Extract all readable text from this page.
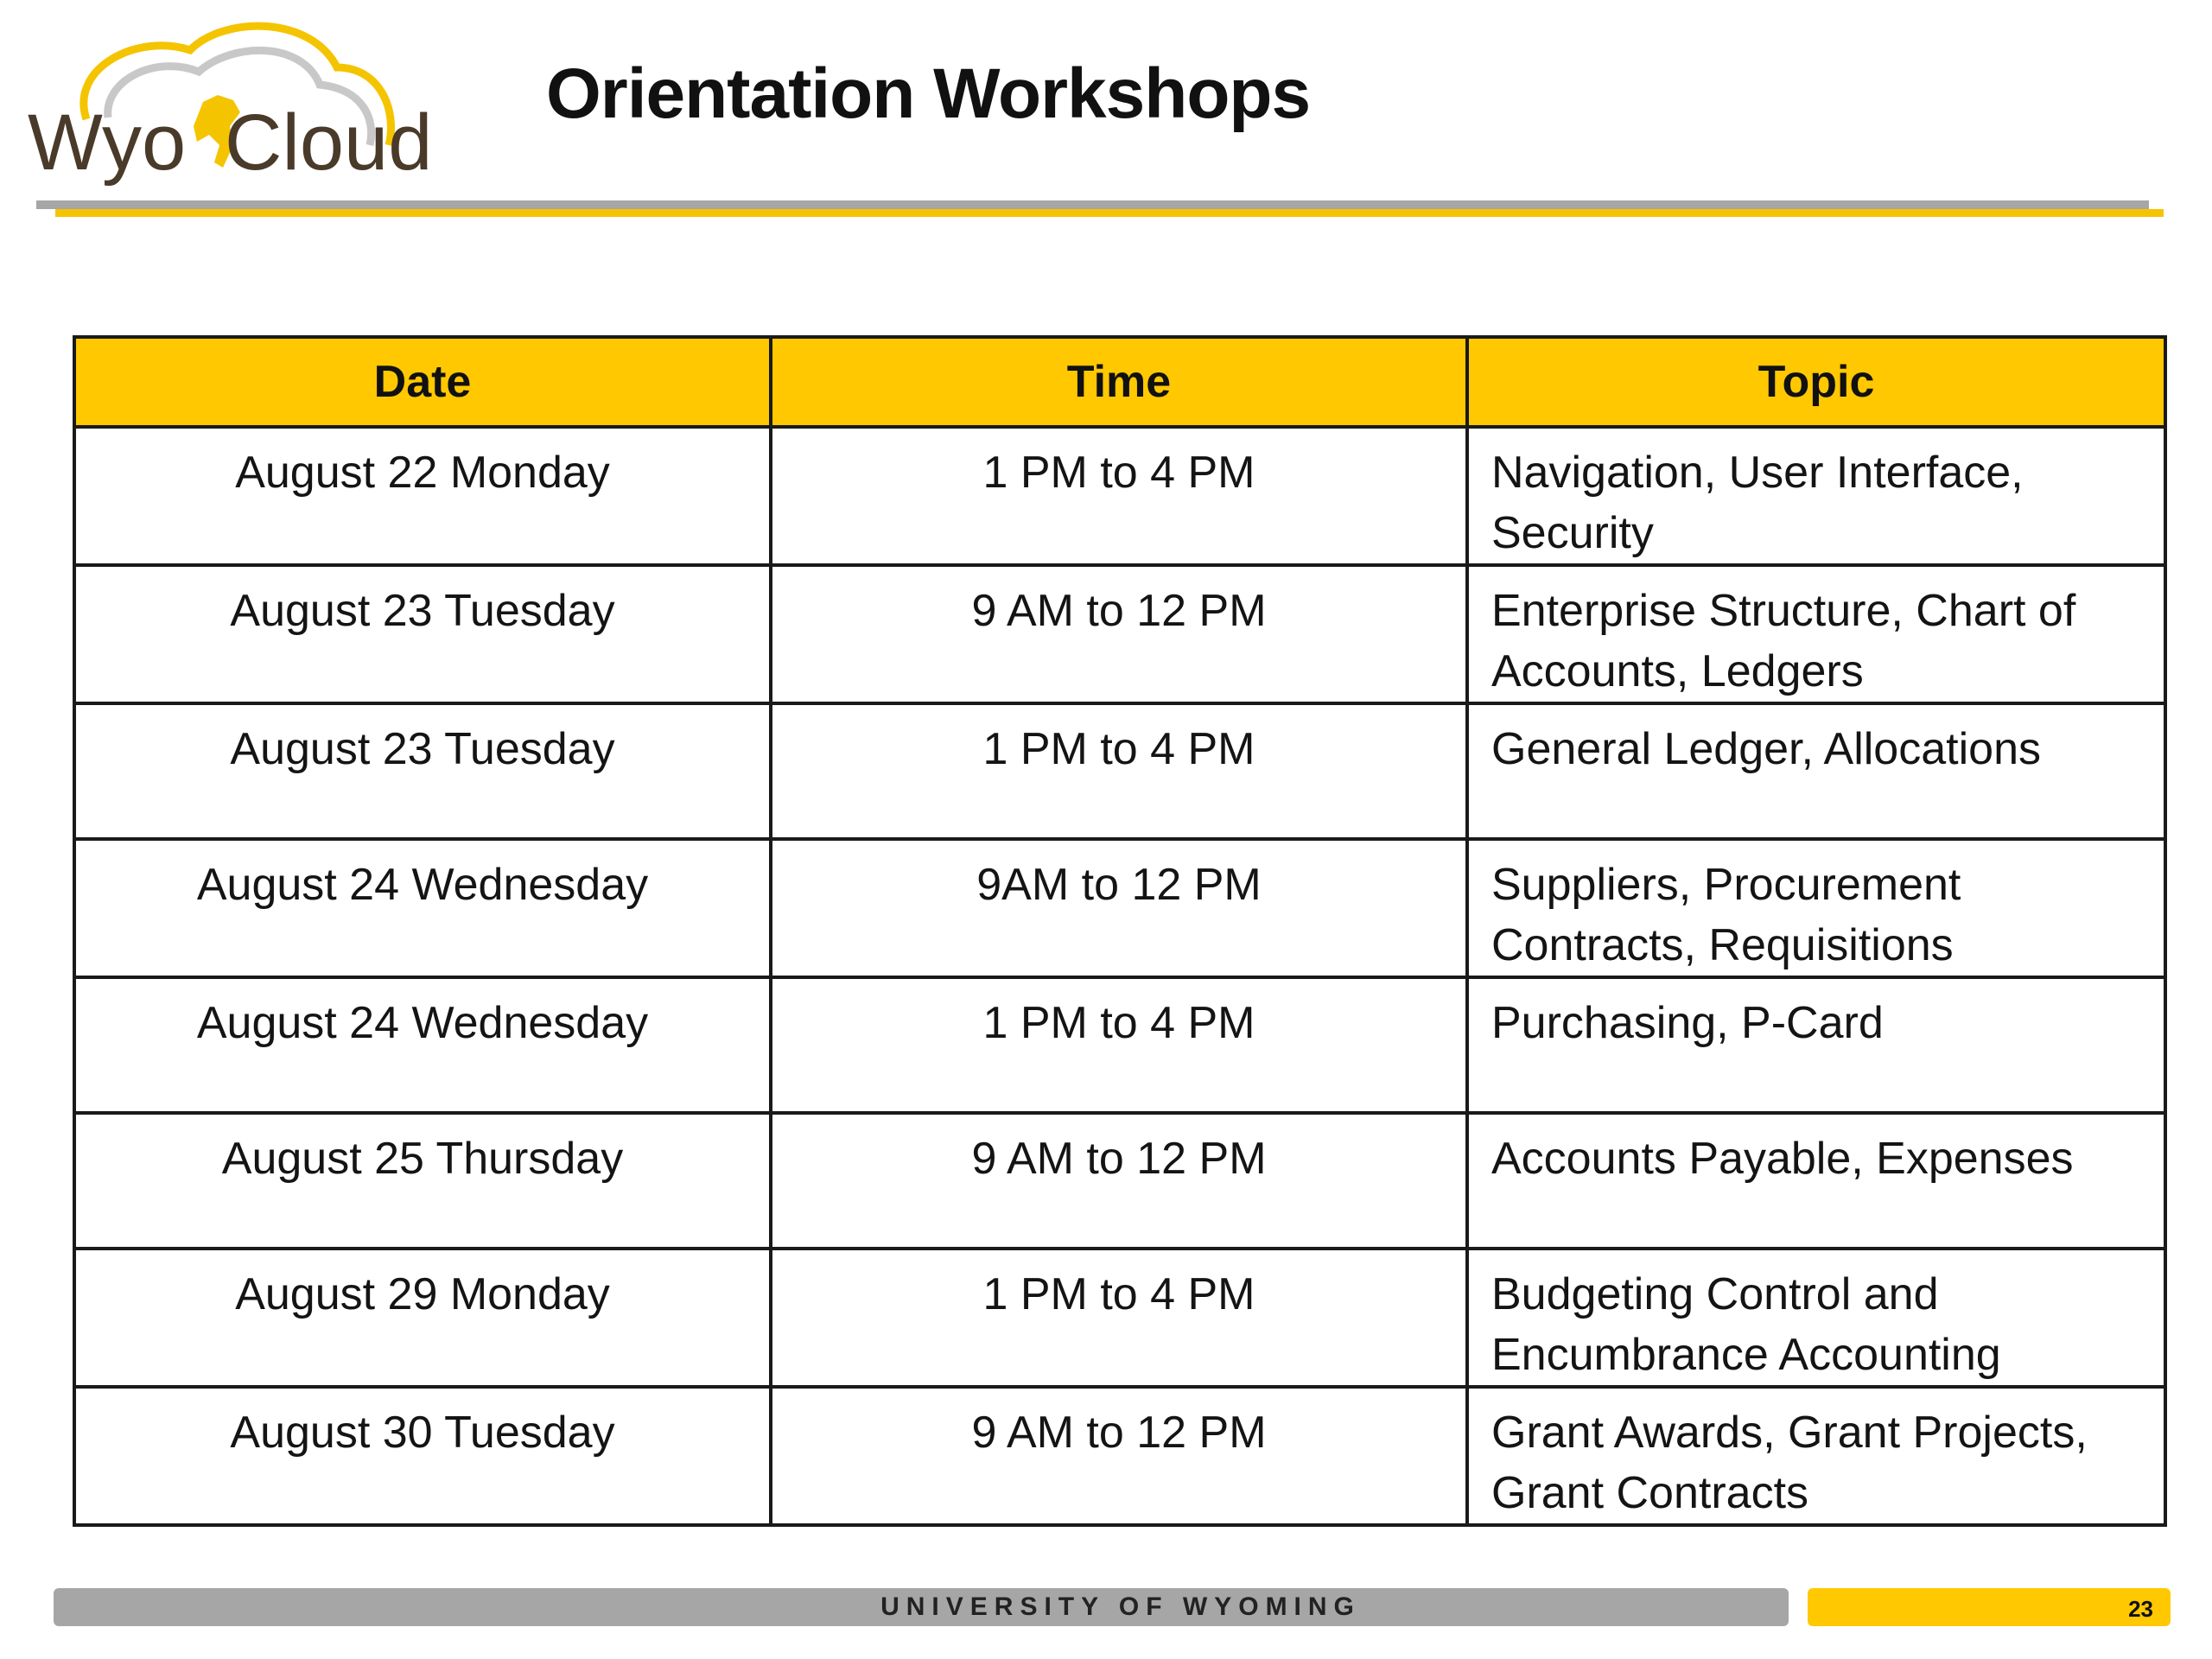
Wyo Cloud
Orientation Workshops
Date	Time	Topic
August 22 Monday	1 PM to 4 PM	Navigation, User Interface, Security
August 23 Tuesday	9 AM to 12 PM	Enterprise Structure, Chart of Accounts, Ledgers
August 23 Tuesday	1 PM to 4 PM	General Ledger, Allocations
August 24 Wednesday	9AM to 12 PM	Suppliers, Procurement Contracts, Requisitions
August 24 Wednesday	1 PM to 4 PM	Purchasing, P-Card
August 25 Thursday	9 AM to 12 PM	Accounts Payable, Expenses
August 29 Monday	1 PM to 4 PM	Budgeting Control and Encumbrance Accounting
August 30 Tuesday	9 AM to 12 PM	Grant Awards, Grant Projects, Grant Contracts
UNIVERSITY OF WYOMING	23
